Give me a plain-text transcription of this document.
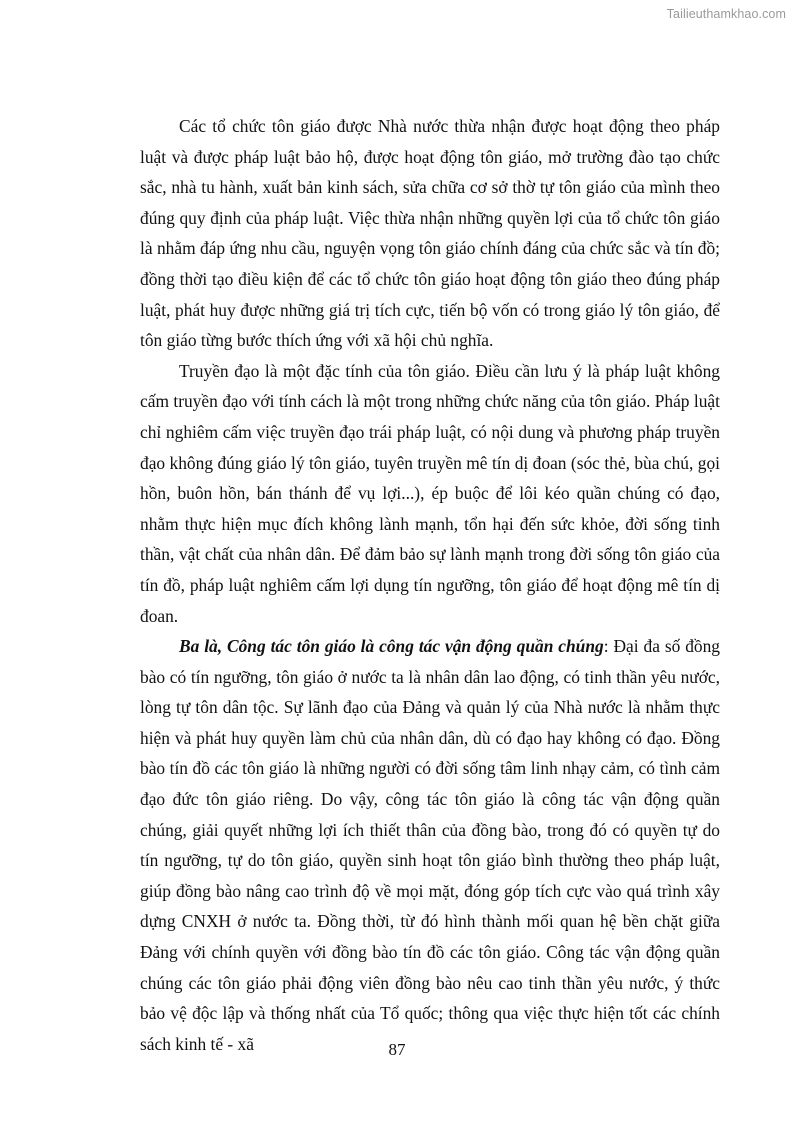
Tailieuthamkhao.com

Các tổ chức tôn giáo được Nhà nước thừa nhận được hoạt động theo pháp luật và được pháp luật bảo hộ, được hoạt động tôn giáo, mở trường đào tạo chức sắc, nhà tu hành, xuất bản kinh sách, sửa chữa cơ sở thờ tự tôn giáo của mình theo đúng quy định của pháp luật. Việc thừa nhận những quyền lợi của tổ chức tôn giáo là nhằm đáp ứng nhu cầu, nguyện vọng tôn giáo chính đáng của chức sắc và tín đồ; đồng thời tạo điều kiện để các tổ chức tôn giáo hoạt động tôn giáo theo đúng pháp luật, phát huy được những giá trị tích cực, tiến bộ vốn có trong giáo lý tôn giáo, để tôn giáo từng bước thích ứng với xã hội chủ nghĩa.

Truyền đạo là một đặc tính của tôn giáo. Điều cần lưu ý là pháp luật không cấm truyền đạo với tính cách là một trong những chức năng của tôn giáo. Pháp luật chỉ nghiêm cấm việc truyền đạo trái pháp luật, có nội dung và phương pháp truyền đạo không đúng giáo lý tôn giáo, tuyên truyền mê tín dị đoan (sóc thẻ, bùa chú, gọi hồn, buôn hồn, bán thánh để vụ lợi...), ép buộc để lôi kéo quần chúng có đạo, nhằm thực hiện mục đích không lành mạnh, tổn hại đến sức khỏe, đời sống tinh thần, vật chất của nhân dân. Để đảm bảo sự lành mạnh trong đời sống tôn giáo của tín đồ, pháp luật nghiêm cấm lợi dụng tín ngưỡng, tôn giáo để hoạt động mê tín dị đoan.

Ba là, Công tác tôn giáo là công tác vận động quần chúng: Đại đa số đồng bào có tín ngưỡng, tôn giáo ở nước ta là nhân dân lao động, có tinh thần yêu nước, lòng tự tôn dân tộc. Sự lãnh đạo của Đảng và quản lý của Nhà nước là nhằm thực hiện và phát huy quyền làm chủ của nhân dân, dù có đạo hay không có đạo. Đồng bào tín đồ các tôn giáo là những người có đời sống tâm linh nhạy cảm, có tình cảm đạo đức tôn giáo riêng. Do vậy, công tác tôn giáo là công tác vận động quần chúng, giải quyết những lợi ích thiết thân của đồng bào, trong đó có quyền tự do tín ngưỡng, tự do tôn giáo, quyền sinh hoạt tôn giáo bình thường theo pháp luật, giúp đồng bào nâng cao trình độ về mọi mặt, đóng góp tích cực vào quá trình xây dựng CNXH ở nước ta. Đồng thời, từ đó hình thành mối quan hệ bền chặt giữa Đảng với chính quyền với đồng bào tín đồ các tôn giáo. Công tác vận động quần chúng các tôn giáo phải động viên đồng bào nêu cao tinh thần yêu nước, ý thức bảo vệ độc lập và thống nhất của Tổ quốc; thông qua việc thực hiện tốt các chính sách kinh tế - xã	87
